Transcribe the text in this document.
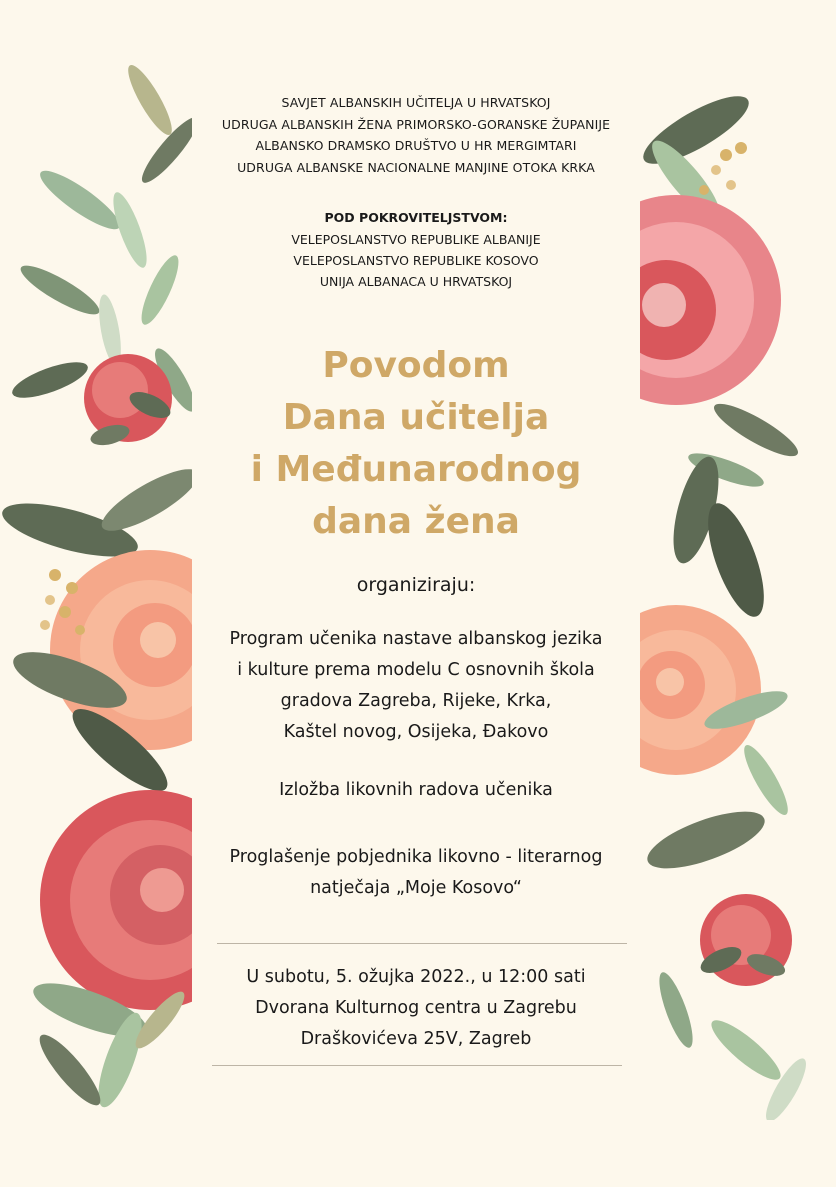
SAVJET ALBANSKIH UČITELJA U HRVATSKOJ
UDRUGA ALBANSKIH ŽENA PRIMORSKO-GORANSKE ŽUPANIJE
ALBANSKO DRAMSKO DRUŠTVO U HR MERGIMTARI
UDRUGA ALBANSKE NACIONALNE MANJINE OTOKA KRKA
POD POKROVITELJSTVOM:
VELEPOSLANSTVO REPUBLIKE ALBANIJE
VELEPOSLANSTVO REPUBLIKE KOSOVO
UNIJA ALBANACA U HRVATSKOJ
Povodom
Dana učitelja
i Međunarodnog
dana žena
organiziraju:
Program učenika nastave albanskog jezika
i kulture prema modelu C osnovnih škola
gradova Zagreba, Rijeke, Krka,
Kaštel novog, Osijeka, Đakovo
Izložba likovnih radova učenika
Proglašenje pobjednika likovno - literarnog
natječaja „Moje Kosovo“
U subotu, 5. ožujka 2022., u 12:00 sati
Dvorana Kulturnog centra u Zagrebu
Draškovićeva 25V, Zagreb
